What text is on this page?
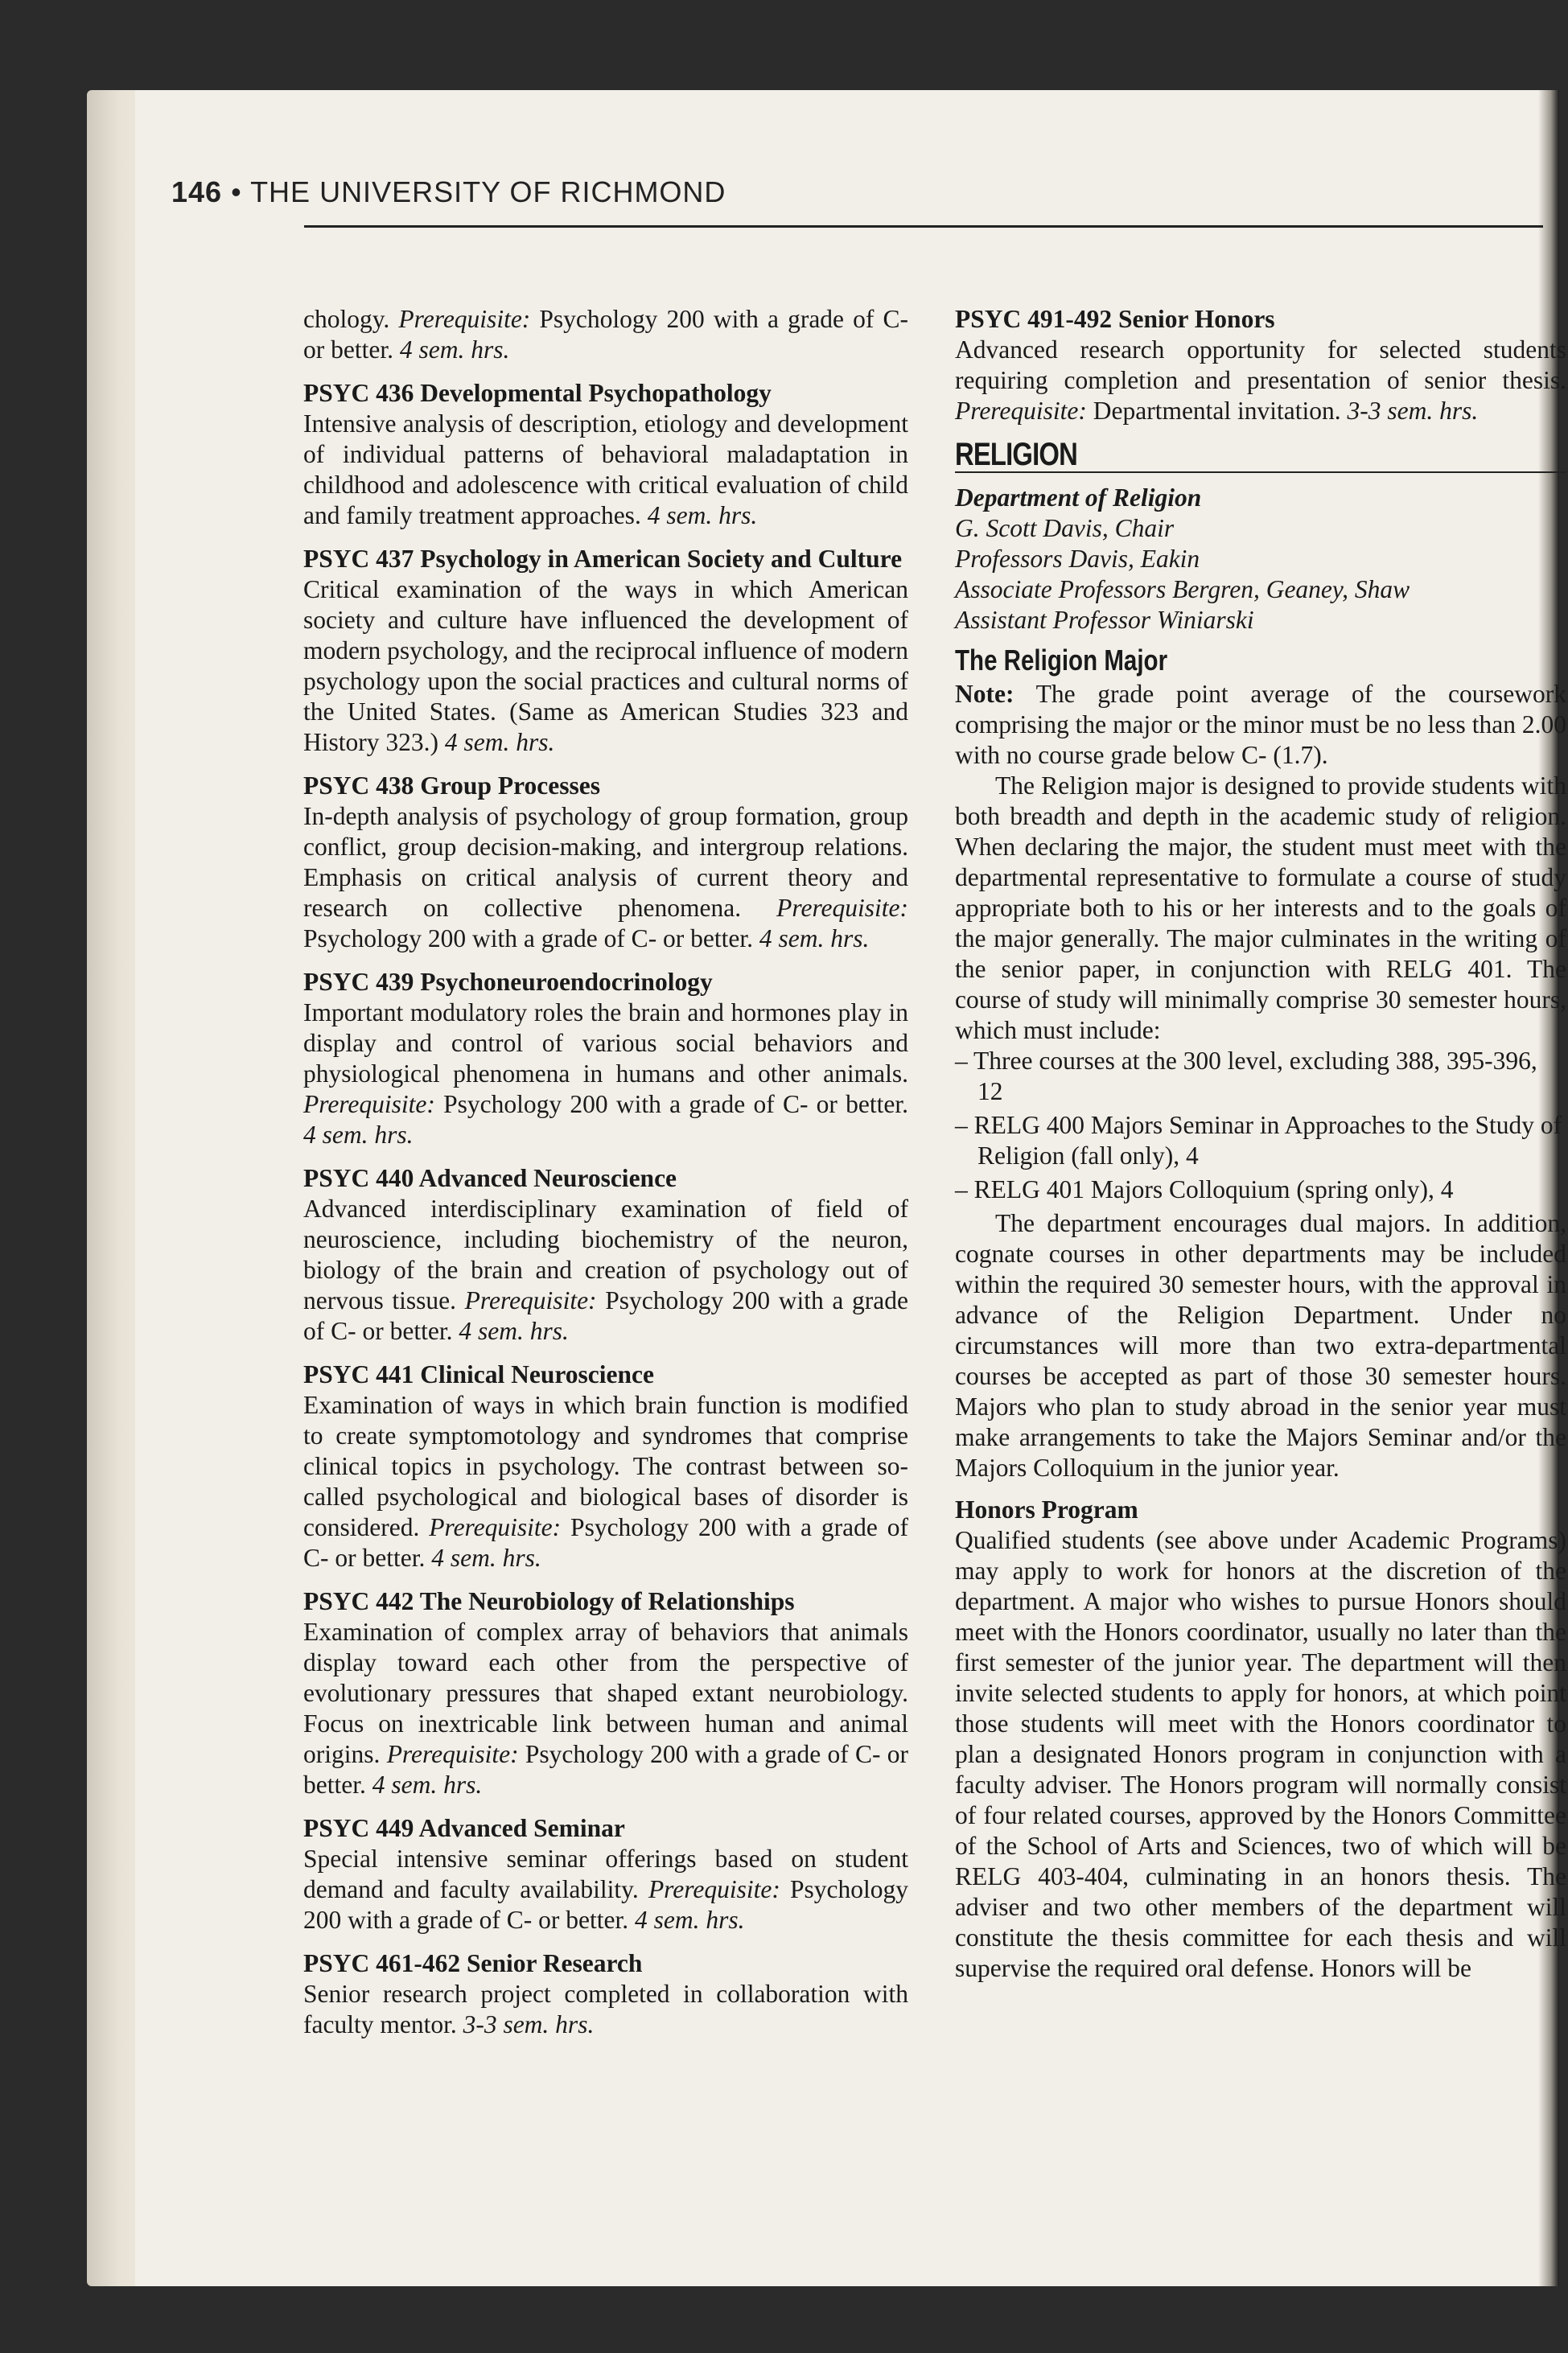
146 • THE UNIVERSITY OF RICHMOND

chology. Prerequisite: Psychology 200 with a grade of C- or better. 4 sem. hrs.

PSYC 436 Developmental Psychopathology

Intensive analysis of description, etiology and development of individual patterns of behavioral maladaptation in childhood and adolescence with critical evaluation of child and family treatment approaches. 4 sem. hrs.

PSYC 437 Psychology in American Society and Culture

Critical examination of the ways in which American society and culture have influenced the development of modern psychology, and the reciprocal influence of modern psychology upon the social practices and cultural norms of the United States. (Same as American Studies 323 and History 323.) 4 sem. hrs.

PSYC 438 Group Processes

In-depth analysis of psychology of group formation, group conflict, group decision-making, and intergroup relations. Emphasis on critical analysis of current theory and research on collective phenomena. Prerequisite: Psychology 200 with a grade of C- or better. 4 sem. hrs.

PSYC 439 Psychoneuroendocrinology

Important modulatory roles the brain and hormones play in display and control of various social behaviors and physiological phenomena in humans and other animals. Prerequisite: Psychology 200 with a grade of C- or better. 4 sem. hrs.

PSYC 440 Advanced Neuroscience

Advanced interdisciplinary examination of field of neuroscience, including biochemistry of the neuron, biology of the brain and creation of psychology out of nervous tissue. Prerequisite: Psychology 200 with a grade of C- or better. 4 sem. hrs.

PSYC 441 Clinical Neuroscience

Examination of ways in which brain function is modified to create symptomotology and syndromes that comprise clinical topics in psychology. The contrast between so-called psychological and biological bases of disorder is considered. Prerequisite: Psychology 200 with a grade of C- or better. 4 sem. hrs.

PSYC 442 The Neurobiology of Relationships

Examination of complex array of behaviors that animals display toward each other from the perspective of evolutionary pressures that shaped extant neurobiology. Focus on inextricable link between human and animal origins. Prerequisite: Psychology 200 with a grade of C- or better. 4 sem. hrs.

PSYC 449 Advanced Seminar

Special intensive seminar offerings based on student demand and faculty availability. Prerequisite: Psychology 200 with a grade of C- or better. 4 sem. hrs.

PSYC 461-462 Senior Research

Senior research project completed in collaboration with faculty mentor. 3-3 sem. hrs.

PSYC 491-492 Senior Honors

Advanced research opportunity for selected students requiring completion and presentation of senior thesis. Prerequisite: Departmental invitation. 3-3 sem. hrs.

RELIGION

Department of Religion

G. Scott Davis, Chair

Professors Davis, Eakin

Associate Professors Bergren, Geaney, Shaw

Assistant Professor Winiarski

The Religion Major

Note: The grade point average of the coursework comprising the major or the minor must be no less than 2.00 with no course grade below C- (1.7).

The Religion major is designed to provide students with both breadth and depth in the academic study of religion. When declaring the major, the student must meet with the departmental representative to formulate a course of study appropriate both to his or her interests and to the goals of the major generally. The major culminates in the writing of the senior paper, in conjunction with RELG 401. The course of study will minimally comprise 30 semester hours, which must include:

– Three courses at the 300 level, excluding 388, 395-396, 12
– RELG 400 Majors Seminar in Approaches to the Study of Religion (fall only), 4
– RELG 401 Majors Colloquium (spring only), 4

The department encourages dual majors. In addition, cognate courses in other departments may be included within the required 30 semester hours, with the approval in advance of the Religion Department. Under no circumstances will more than two extra-departmental courses be accepted as part of those 30 semester hours. Majors who plan to study abroad in the senior year must make arrangements to take the Majors Seminar and/or the Majors Colloquium in the junior year.

Honors Program

Qualified students (see above under Academic Programs) may apply to work for honors at the discretion of the department. A major who wishes to pursue Honors should meet with the Honors coordinator, usually no later than the first semester of the junior year. The department will then invite selected students to apply for honors, at which point those students will meet with the Honors coordinator to plan a designated Honors program in conjunction with a faculty adviser. The Honors program will normally consist of four related courses, approved by the Honors Committee of the School of Arts and Sciences, two of which will be RELG 403-404, culminating in an honors thesis. The adviser and two other members of the department will constitute the thesis committee for each thesis and will supervise the required oral defense. Honors will be
